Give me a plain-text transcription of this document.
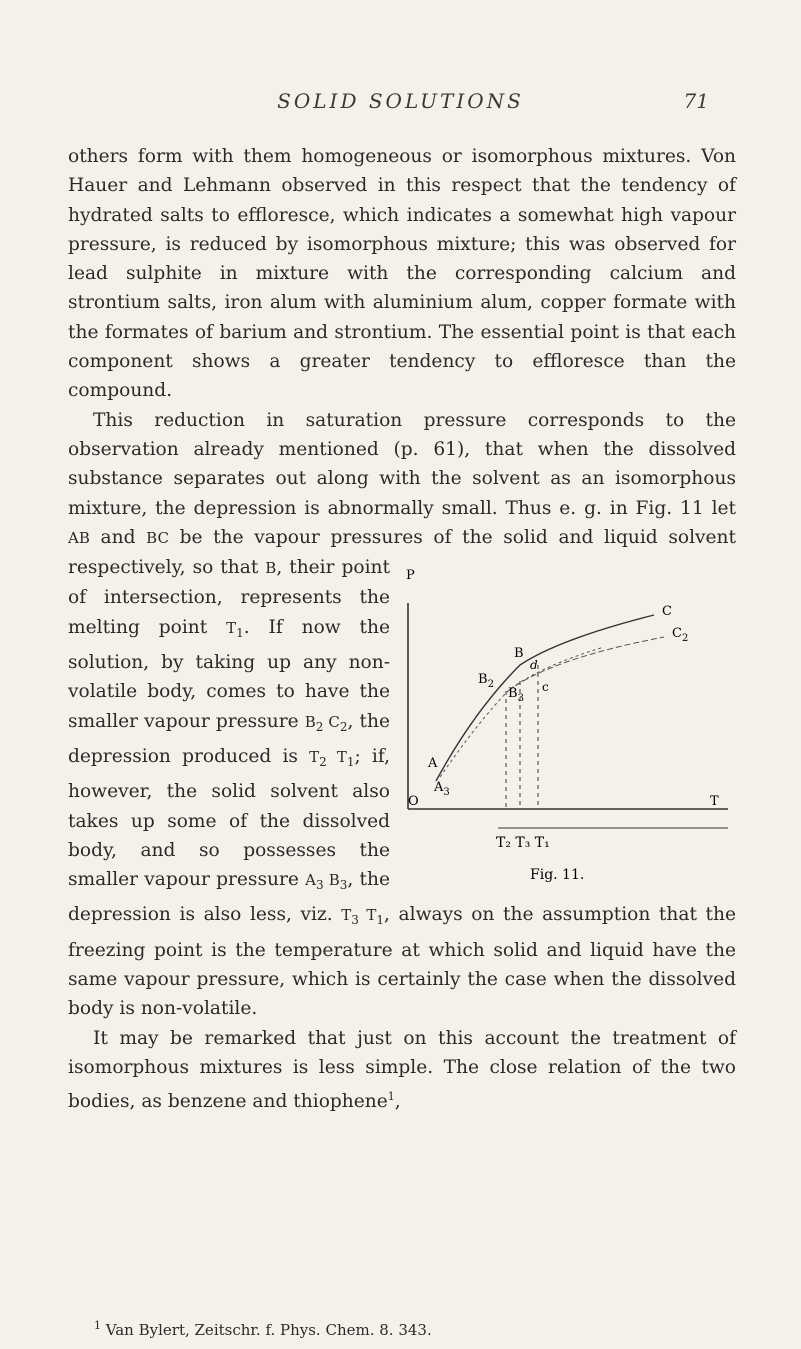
SOLID SOLUTIONS	71

others form with them homogeneous or isomorphous mixtures. Von Hauer and Lehmann observed in this respect that the tendency of hydrated salts to effloresce, which indicates a somewhat high vapour pressure, is reduced by isomorphous mixture; this was observed for lead sulphite in mixture with the corresponding calcium and strontium salts, iron alum with aluminium alum, copper formate with the formates of barium and strontium. The essential point is that each component shows a greater tendency to effloresce than the compound.

This reduction in saturation pressure corresponds to the observation already mentioned (p. 61), that when the dissolved substance separates out along with the solvent as an isomorphous mixture, the depression is abnormally small. Thus e. g. in Fig. 11 let AB and BC be the vapour pressures of the solid and liquid solvent respectively, so that B	P
C
$C_2$
B
d
$B_2$
$B_3$
c
A
$A_3$
O	T
T₂ T₃ T₁
Fig. 11.
, their point of intersection, represents the melting point $T_1$. If now the solution, by taking up any non-volatile body, comes to have the smaller vapour pressure $B_2$ $C_2$, the depression produced is $T_2$ $T_1$; if, however, the solid solvent also takes up some of the dissolved body, and so possesses the smaller vapour pressure $A_3$ $B_3$, the depression is also less, viz. $T_3$ $T_1$, always on the assumption that the freezing point is the temperature at which solid and liquid have the same vapour pressure, which is certainly the case when the dissolved body is non-volatile.

It may be remarked that just on this account the treatment of isomorphous mixtures is less simple. The close relation of the two bodies, as benzene and thiophene$^1$,

$^1$ Van Bylert, Zeitschr. f. Phys. Chem. 8. 343.
